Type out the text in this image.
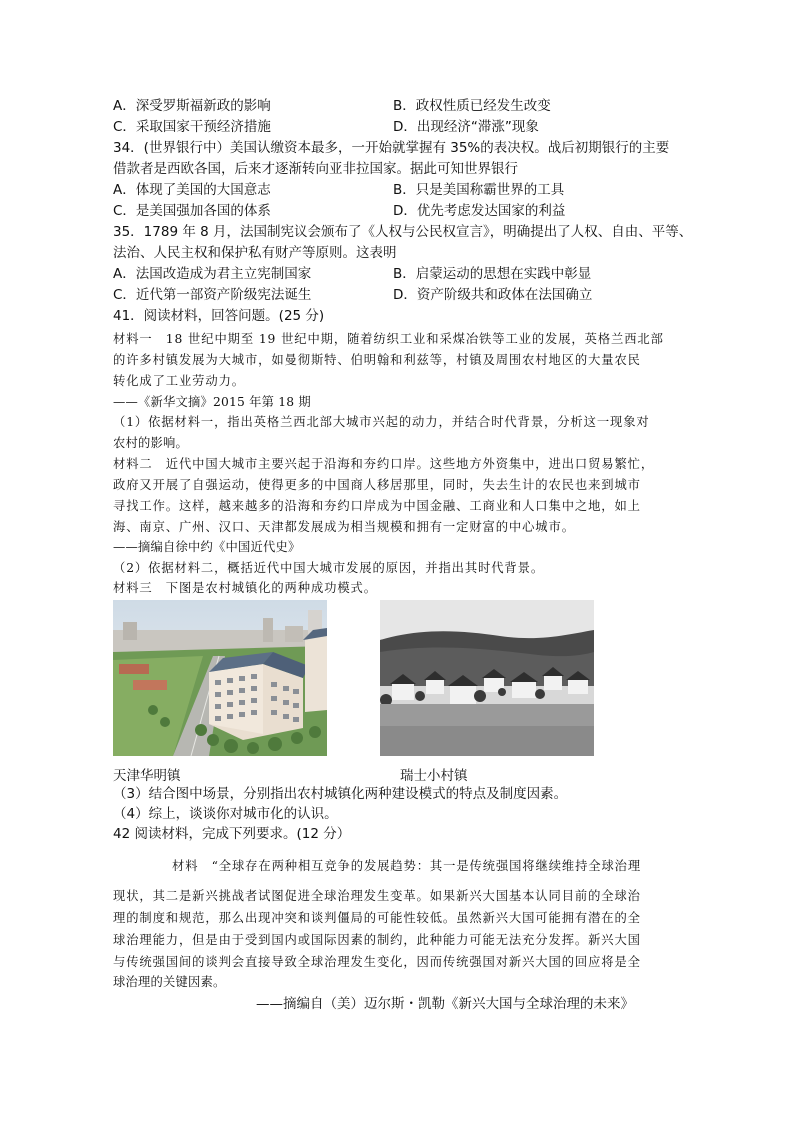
A．深受罗斯福新政的影响	B．政权性质已经发生改变
C．采取国家干预经济措施	D．出现经济“滞涨”现象
34．(世界银行中）美国认缴资本最多，一开始就掌握有 35%的表决权。战后初期银行的主要
借款者是西欧各国，后来才逐渐转向亚非拉国家。据此可知世界银行
A．体现了美国的大国意志	B．只是美国称霸世界的工具
C．是美国强加各国的体系	D．优先考虑发达国家的利益
35．1789 年 8 月，法国制宪议会颁布了《人权与公民权宣言》，明确提出了人权、自由、平等、
法治、人民主权和保护私有财产等原则。这表明
A．法国改造成为君主立宪制国家	B．启蒙运动的思想在实践中彰显
C．近代第一部资产阶级宪法诞生	D．资产阶级共和政体在法国确立
41．阅读材料，回答问题。(25 分)
材料一　18 世纪中期至 19 世纪中期，随着纺织工业和采煤冶铁等工业的发展，英格兰西北部
的许多村镇发展为大城市，如曼彻斯特、伯明翰和利兹等，村镇及周围农村地区的大量农民
转化成了工业劳动力。
——《新华文摘》2015 年第 18 期
（1）依据材料一，指出英格兰西北部大城市兴起的动力，并结合时代背景，分析这一现象对
农村的影响。
材料二　近代中国大城市主要兴起于沿海和夯约口岸。这些地方外资集中，进出口贸易繁忙，
政府又开展了自强运动，使得更多的中国商人移居那里，同时，失去生计的农民也来到城市
寻找工作。这样，越来越多的沿海和夯约口岸成为中国金融、工商业和人口集中之地，如上
海、南京、广州、汉口、天津都发展成为相当规模和拥有一定财富的中心城市。
——摘编自徐中约《中国近代史》
（2）依据材料二，概括近代中国大城市发展的原因，并指出其时代背景。
材料三　下图是农村城镇化的两种成功模式。
天津华明镇	瑞士小村镇
（3）结合图中场景，分别指出农村城镇化两种建设模式的特点及制度因素。
（4）综上，谈谈你对城市化的认识。
42 阅读材料，完成下列要求。(12 分）
材料　“全球存在两种相互竞争的发展趋势：其一是传统强国将继续维持全球治理
现状，其二是新兴挑战者试图促进全球治理发生变革。如果新兴大国基本认同目前的全球治
理的制度和规范，那么出现冲突和谈判僵局的可能性较低。虽然新兴大国可能拥有潜在的全
球治理能力，但是由于受到国内或国际因素的制约，此种能力可能无法充分发挥。新兴大国
与传统强国间的谈判会直接导致全球治理发生变化，因而传统强国对新兴大国的回应将是全
球治理的关键因素。
——摘编自（美）迈尔斯・凯勒《新兴大国与全球治理的未来》
